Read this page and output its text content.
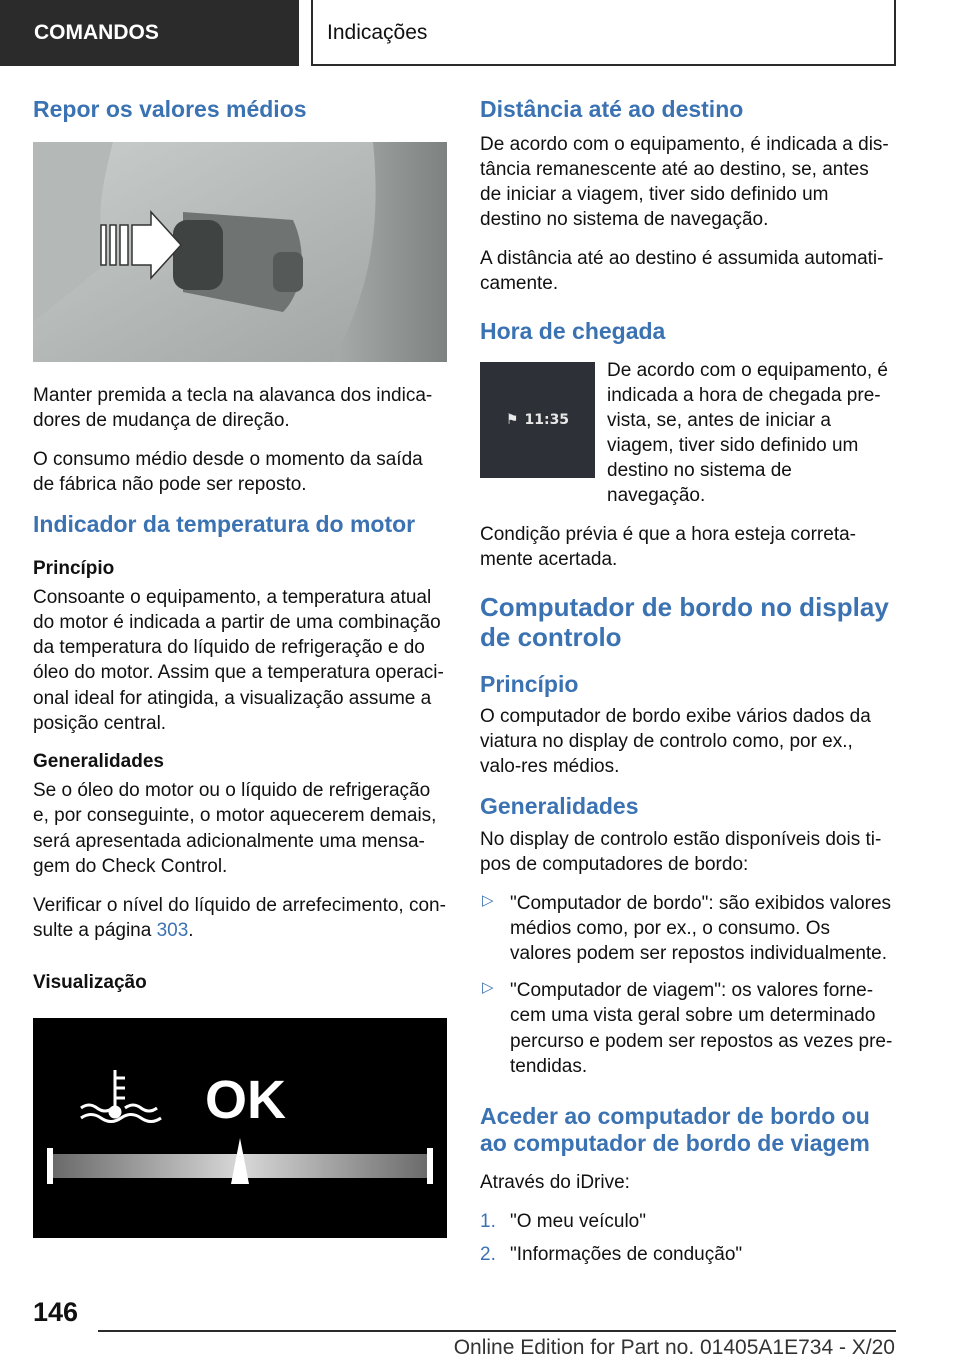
COMANDOS	Indicações
Repor os valores médios

Manter premida a tecla na alavanca dos indica-dores de mudança de direção.

O consumo médio desde o momento da saída de fábrica não pode ser reposto.

Indicador da temperatura do motor
Princípio

Consoante o equipamento, a temperatura atual do motor é indicada a partir de uma combinação da temperatura do líquido de refrigeração e do óleo do motor. Assim que a temperatura operaci-onal ideal for atingida, a visualização assume a posição central.

Generalidades

Se o óleo do motor ou o líquido de refrigeração e, por conseguinte, o motor aquecerem demais, será apresentada adicionalmente uma mensa-gem do Check Control.

Verificar o nível do líquido de arrefecimento, con-sulte a página 303.

Visualização
OK
Distância até ao destino

De acordo com o equipamento, é indicada a dis-tância remanescente até ao destino, se, antes de iniciar a viagem, tiver sido definido um destino no sistema de navegação.

A distância até ao destino é assumida automati-camente.

Hora de chegada
⚑ 11:35

De acordo com o equipamento, é indicada a hora de chegada pre-vista, se, antes de iniciar a viagem, tiver sido definido um destino no sistema de navegação.

Condição prévia é que a hora esteja correta-mente acertada.

Computador de bordo no display de controlo
Princípio

O computador de bordo exibe vários dados da viatura no display de controlo como, por ex., valo-res médios.

Generalidades

No display de controlo estão disponíveis dois ti-pos de computadores de bordo:

▷ "Computador de bordo": são exibidos valores médios como, por ex., o consumo. Os valores podem ser repostos individualmente.
▷ "Computador de viagem": os valores forne-cem uma vista geral sobre um determinado percurso e podem ser repostos as vezes pre-tendidas.
Aceder ao computador de bordo ou ao computador de bordo de viagem

Através do iDrive:

1. "O meu veículo"
2. "Informações de condução"
146
Online Edition for Part no. 01405A1E734 - X/20
